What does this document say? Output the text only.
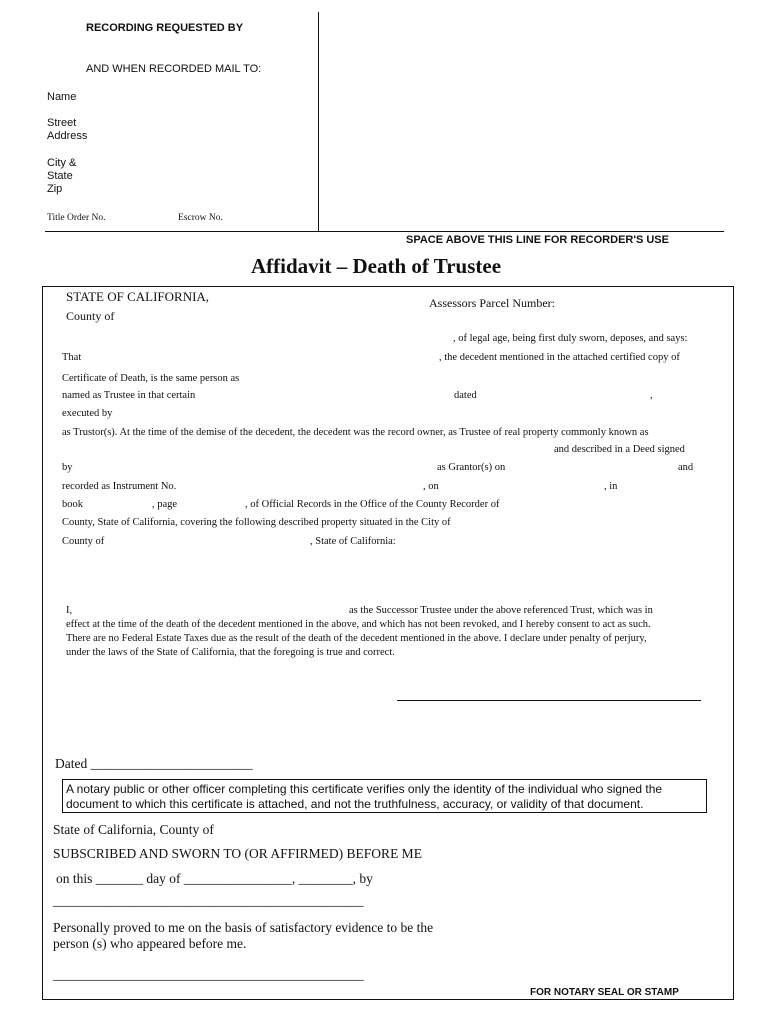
RECORDING REQUESTED BY
AND WHEN RECORDED MAIL TO:
Name
Street
Address
City &
State
Zip
Title Order No.	Escrow No.
SPACE ABOVE THIS LINE FOR RECORDER'S USE
Affidavit – Death of Trustee
STATE OF CALIFORNIA,
County of
Assessors Parcel Number:
, of legal age, being first duly sworn, deposes, and says:
That	, the decedent mentioned in the attached certified copy of
Certificate of Death, is the same person as
named as Trustee in that certain	dated	,
executed by
as Trustor(s). At the time of the demise of the decedent, the decedent was the record owner, as Trustee of real property commonly known as
and described in a Deed signed
by	as Grantor(s) on	and
recorded as Instrument No.	, on	, in
book	, page	, of Official Records in the Office of the County Recorder of
County, State of California, covering the following described property situated in the City of
County of	, State of California:
I,	as the Successor Trustee under the above referenced Trust, which was in
effect at the time of the death of the decedent mentioned in the above, and which has not been revoked, and I hereby consent to act as such.
There are no Federal Estate Taxes due as the result of the death of the decedent mentioned in the above. I declare under penalty of perjury,
under the laws of the State of California, that the foregoing is true and correct.
Dated ________________________
A notary public or other officer completing this certificate verifies only the identity of the individual who signed the
document to which this certificate is attached, and not the truthfulness, accuracy, or validity of that document.
State of California, County of
SUBSCRIBED AND SWORN TO (OR AFFIRMED) BEFORE ME
on this _______ day of ________________, ________, by
______________________________________________
Personally proved to me on the basis of satisfactory evidence to be the
person (s) who appeared before me.
______________________________________________
FOR NOTARY SEAL OR STAMP
